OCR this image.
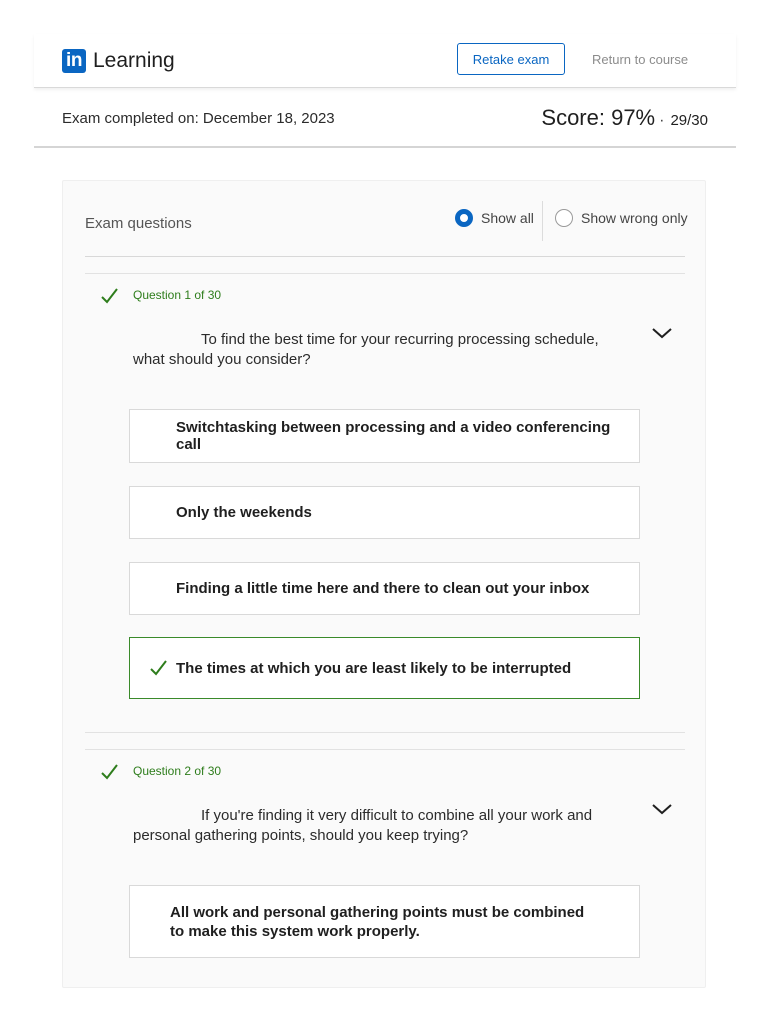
in Learning	Retake exam	Return to course
Exam completed on: December 18, 2023	Score: 97% · 29/30
Exam questions	Show all	Show wrong only
Question 1 of 30
To find the best time for your recurring processing schedule, what should you consider?
Switchtasking between processing and a video conferencing call
Only the weekends
Finding a little time here and there to clean out your inbox
The times at which you are least likely to be interrupted
Question 2 of 30
If you're finding it very difficult to combine all your work and personal gathering points, should you keep trying?
All work and personal gathering points must be combined to make this system work properly.
